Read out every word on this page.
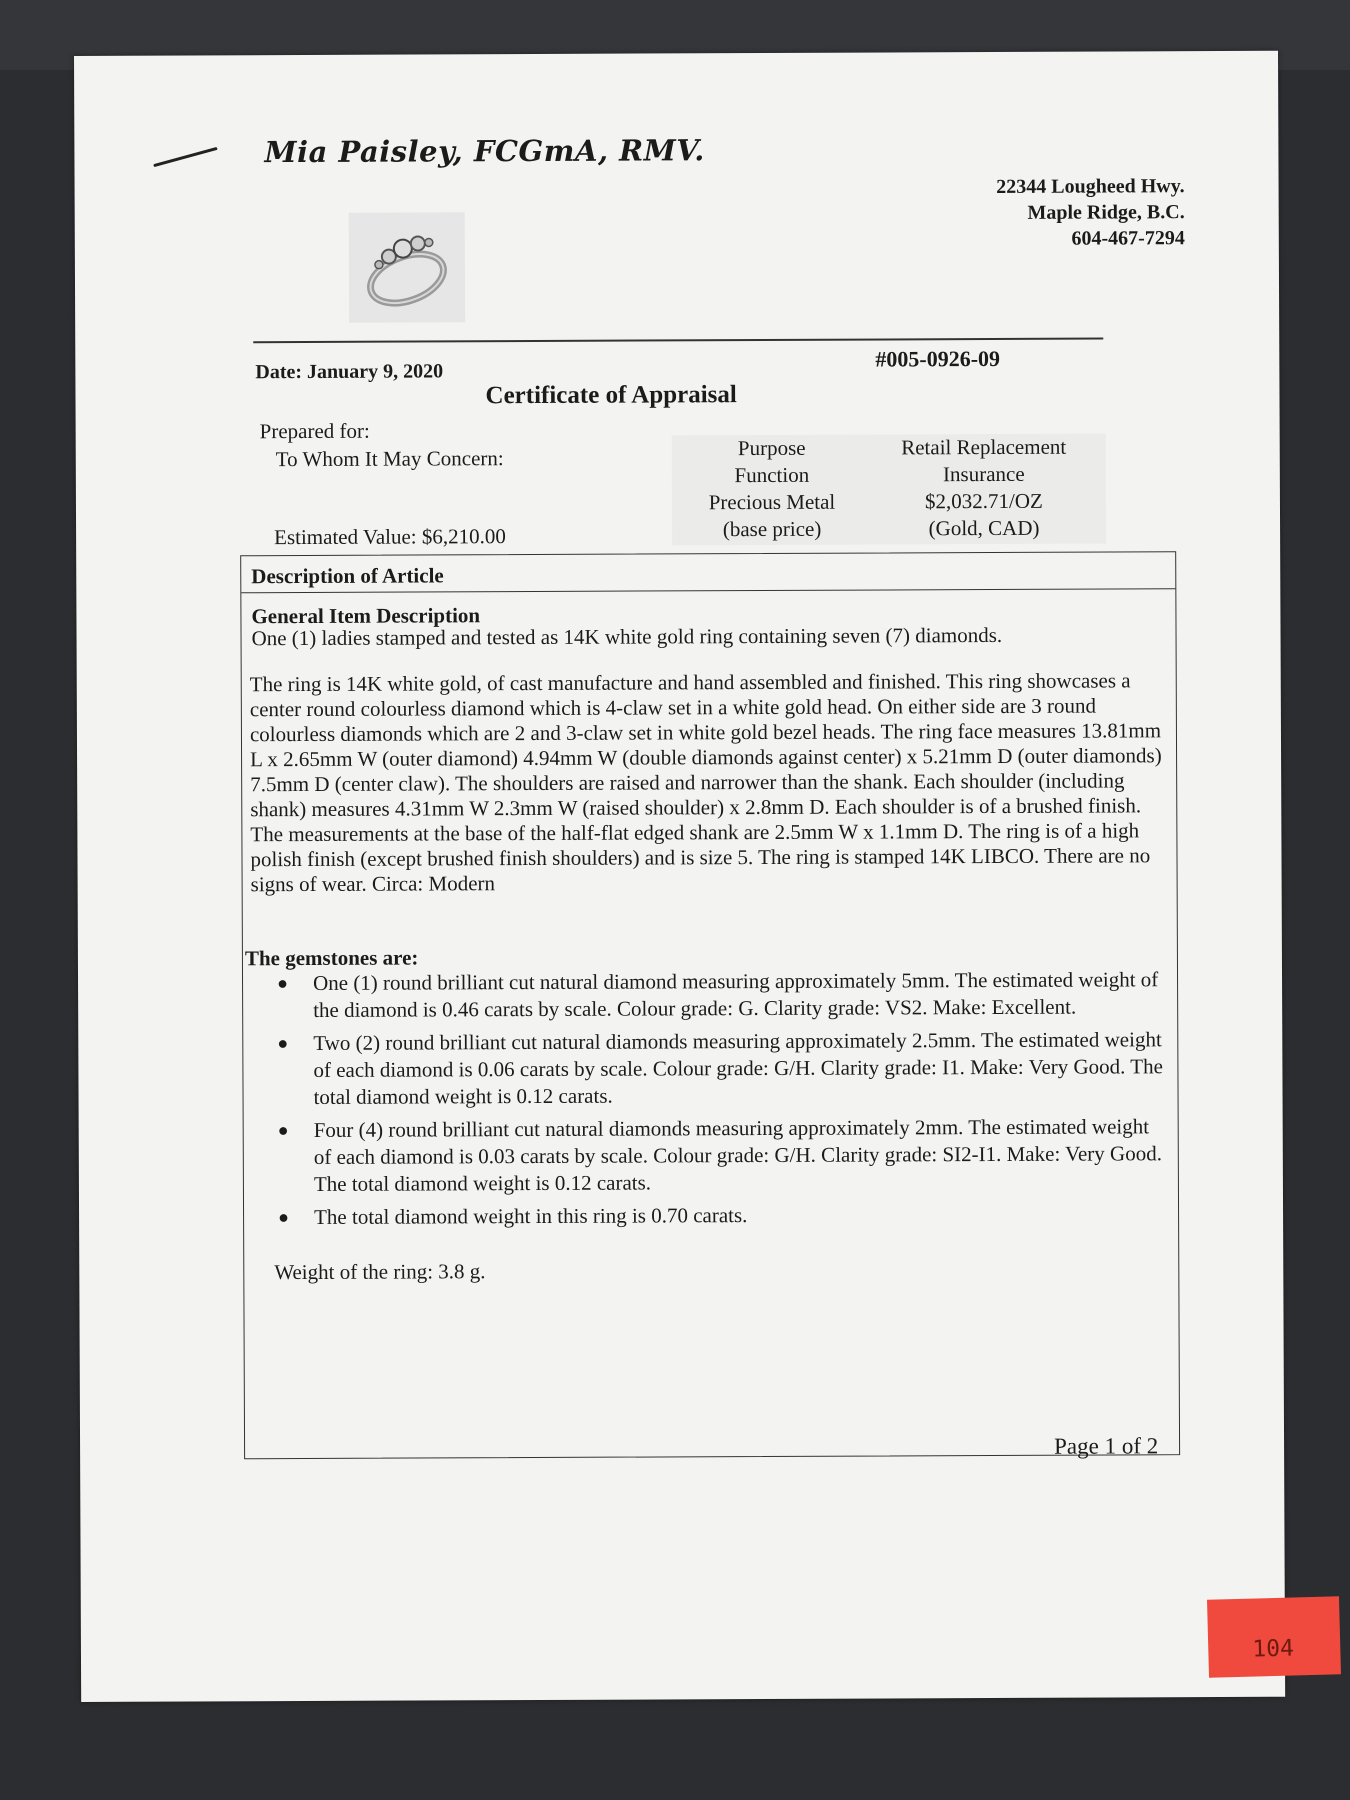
Mia Paisley, FCGmA, RMV.
22344 Lougheed Hwy.
Maple Ridge, B.C.
604-467-7294
Date: January 9, 2020
#005-0926-09
Certificate of Appraisal
Prepared for:
To Whom It May Concern:
Estimated Value: $6,210.00
Purpose
Function
Precious Metal
(base price)
Retail Replacement
Insurance
$2,032.71/OZ
(Gold, CAD)
Description of Article
General Item Description
One (1) ladies stamped and tested as 14K white gold ring containing seven (7) diamonds.
The ring is 14K white gold, of cast manufacture and hand assembled and finished. This ring showcases a center round colourless diamond which is 4-claw set in a white gold head. On either side are 3 round colourless diamonds which are 2 and 3-claw set in white gold bezel heads. The ring face measures 13.81mm L x 2.65mm W (outer diamond) 4.94mm W (double diamonds against center) x 5.21mm D (outer diamonds) 7.5mm D (center claw). The shoulders are raised and narrower than the shank. Each shoulder (including shank) measures 4.31mm W 2.3mm W (raised shoulder) x 2.8mm D. Each shoulder is of a brushed finish. The measurements at the base of the half-flat edged shank are 2.5mm W x 1.1mm D. The ring is of a high polish finish (except brushed finish shoulders) and is size 5. The ring is stamped 14K LIBCO. There are no signs of wear. Circa: Modern
The gemstones are:
● One (1) round brilliant cut natural diamond measuring approximately 5mm. The estimated weight of the diamond is 0.46 carats by scale. Colour grade: G. Clarity grade: VS2. Make: Excellent.
● Two (2) round brilliant cut natural diamonds measuring approximately 2.5mm. The estimated weight of each diamond is 0.06 carats by scale. Colour grade: G/H. Clarity grade: I1. Make: Very Good. The total diamond weight is 0.12 carats.
● Four (4) round brilliant cut natural diamonds measuring approximately 2mm. The estimated weight of each diamond is 0.03 carats by scale. Colour grade: G/H. Clarity grade: SI2-I1. Make: Very Good. The total diamond weight is 0.12 carats.
● The total diamond weight in this ring is 0.70 carats.
Weight of the ring: 3.8 g.
Page 1 of 2
104
